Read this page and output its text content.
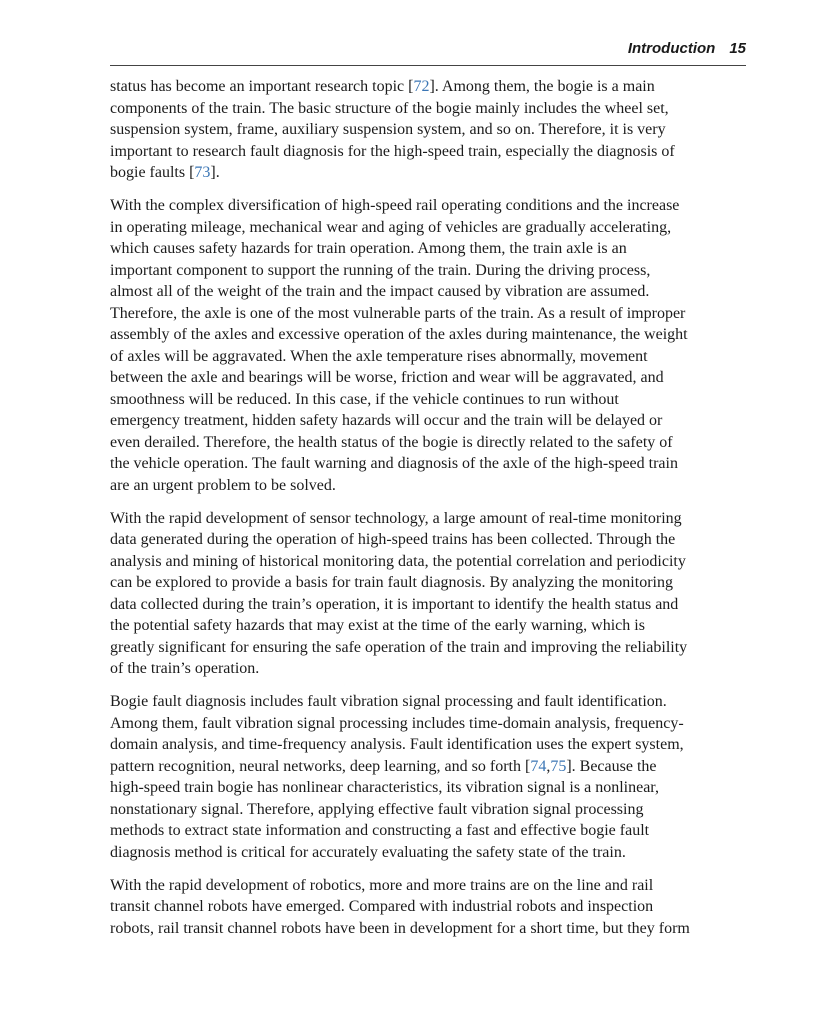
Introduction 15
status has become an important research topic [72]. Among them, the bogie is a main
components of the train. The basic structure of the bogie mainly includes the wheel set,
suspension system, frame, auxiliary suspension system, and so on. Therefore, it is very
important to research fault diagnosis for the high-speed train, especially the diagnosis of
bogie faults [73].
With the complex diversification of high-speed rail operating conditions and the increase
in operating mileage, mechanical wear and aging of vehicles are gradually accelerating,
which causes safety hazards for train operation. Among them, the train axle is an
important component to support the running of the train. During the driving process,
almost all of the weight of the train and the impact caused by vibration are assumed.
Therefore, the axle is one of the most vulnerable parts of the train. As a result of improper
assembly of the axles and excessive operation of the axles during maintenance, the weight
of axles will be aggravated. When the axle temperature rises abnormally, movement
between the axle and bearings will be worse, friction and wear will be aggravated, and
smoothness will be reduced. In this case, if the vehicle continues to run without
emergency treatment, hidden safety hazards will occur and the train will be delayed or
even derailed. Therefore, the health status of the bogie is directly related to the safety of
the vehicle operation. The fault warning and diagnosis of the axle of the high-speed train
are an urgent problem to be solved.
With the rapid development of sensor technology, a large amount of real-time monitoring
data generated during the operation of high-speed trains has been collected. Through the
analysis and mining of historical monitoring data, the potential correlation and periodicity
can be explored to provide a basis for train fault diagnosis. By analyzing the monitoring
data collected during the train’s operation, it is important to identify the health status and
the potential safety hazards that may exist at the time of the early warning, which is
greatly significant for ensuring the safe operation of the train and improving the reliability
of the train’s operation.
Bogie fault diagnosis includes fault vibration signal processing and fault identification.
Among them, fault vibration signal processing includes time-domain analysis, frequency-
domain analysis, and time-frequency analysis. Fault identification uses the expert system,
pattern recognition, neural networks, deep learning, and so forth [74,75]. Because the
high-speed train bogie has nonlinear characteristics, its vibration signal is a nonlinear,
nonstationary signal. Therefore, applying effective fault vibration signal processing
methods to extract state information and constructing a fast and effective bogie fault
diagnosis method is critical for accurately evaluating the safety state of the train.
With the rapid development of robotics, more and more trains are on the line and rail
transit channel robots have emerged. Compared with industrial robots and inspection
robots, rail transit channel robots have been in development for a short time, but they form
